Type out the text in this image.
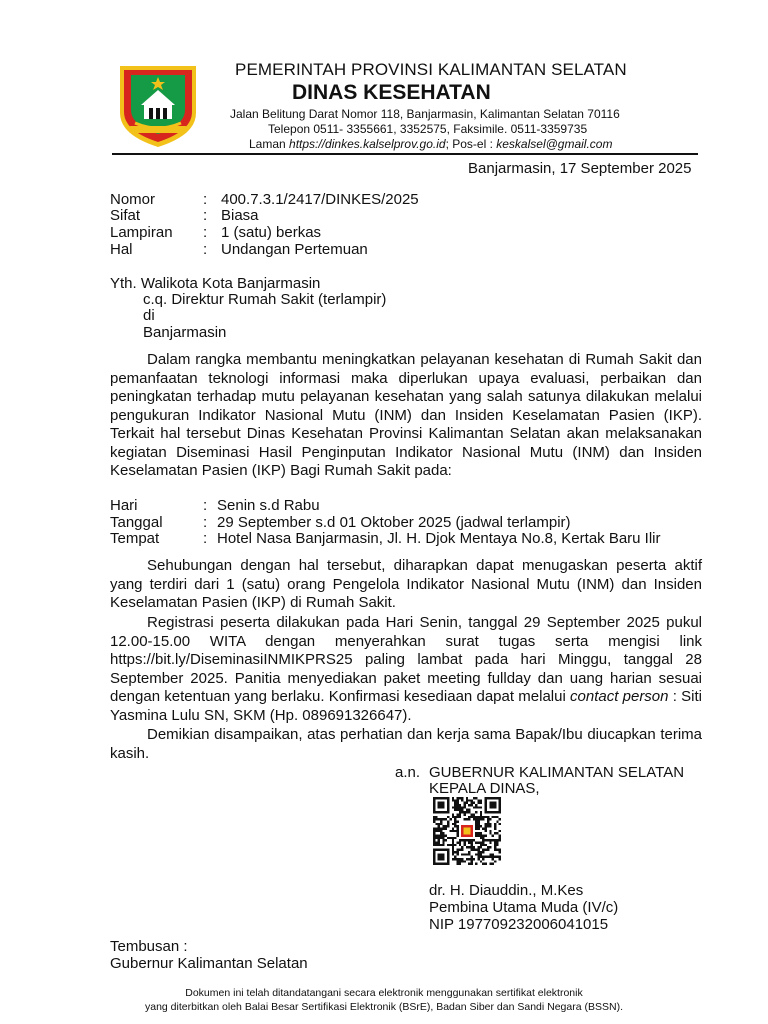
PEMERINTAH PROVINSI KALIMANTAN SELATAN
DINAS KESEHATAN
Jalan Belitung Darat Nomor 118, Banjarmasin, Kalimantan Selatan 70116
Telepon 0511- 3355661, 3352575, Faksimile. 0511-3359735
Laman https://dinkes.kalselprov.go.id; Pos-el : keskalsel@gmail.com
Banjarmasin, 17 September 2025
Nomor	: 400.7.3.1/2417/DINKES/2025
Sifat	: Biasa
Lampiran : 1 (satu) berkas
Hal	: Undangan Pertemuan
Yth. Walikota Kota Banjarmasin
c.q. Direktur Rumah Sakit (terlampir)
di
Banjarmasin
Dalam rangka membantu meningkatkan pelayanan kesehatan di Rumah Sakit dan pemanfaatan teknologi informasi maka diperlukan upaya evaluasi, perbaikan dan peningkatan terhadap mutu pelayanan kesehatan yang salah satunya dilakukan melalui pengukuran Indikator Nasional Mutu (INM) dan Insiden Keselamatan Pasien (IKP). Terkait hal tersebut Dinas Kesehatan Provinsi Kalimantan Selatan akan melaksanakan kegiatan Diseminasi Hasil Penginputan Indikator Nasional Mutu (INM) dan Insiden Keselamatan Pasien (IKP) Bagi Rumah Sakit pada:
Hari	: Senin s.d Rabu
Tanggal	: 29 September s.d 01 Oktober 2025 (jadwal terlampir)
Tempat	: Hotel Nasa Banjarmasin, Jl. H. Djok Mentaya No.8, Kertak Baru Ilir
Sehubungan dengan hal tersebut, diharapkan dapat menugaskan peserta aktif yang terdiri dari 1 (satu) orang Pengelola Indikator Nasional Mutu (INM) dan Insiden Keselamatan Pasien (IKP) di Rumah Sakit.
Registrasi peserta dilakukan pada Hari Senin, tanggal 29 September 2025 pukul 12.00-15.00 WITA dengan menyerahkan surat tugas serta mengisi link https://bit.ly/DiseminasiINMIKPRS25 paling lambat pada hari Minggu, tanggal 28 September 2025. Panitia menyediakan paket meeting fullday dan uang harian sesuai dengan ketentuan yang berlaku. Konfirmasi kesediaan dapat melalui contact person : Siti Yasmina Lulu SN, SKM (Hp. 089691326647).
Demikian disampaikan, atas perhatian dan kerja sama Bapak/Ibu diucapkan terima kasih.
a.n. GUBERNUR KALIMANTAN SELATAN
KEPALA DINAS,
dr. H. Diauddin., M.Kes
Pembina Utama Muda (IV/c)
NIP 197709232006041015
Tembusan :
Gubernur Kalimantan Selatan
Dokumen ini telah ditandatangani secara elektronik menggunakan sertifikat elektronik
yang diterbitkan oleh Balai Besar Sertifikasi Elektronik (BSrE), Badan Siber dan Sandi Negara (BSSN).
